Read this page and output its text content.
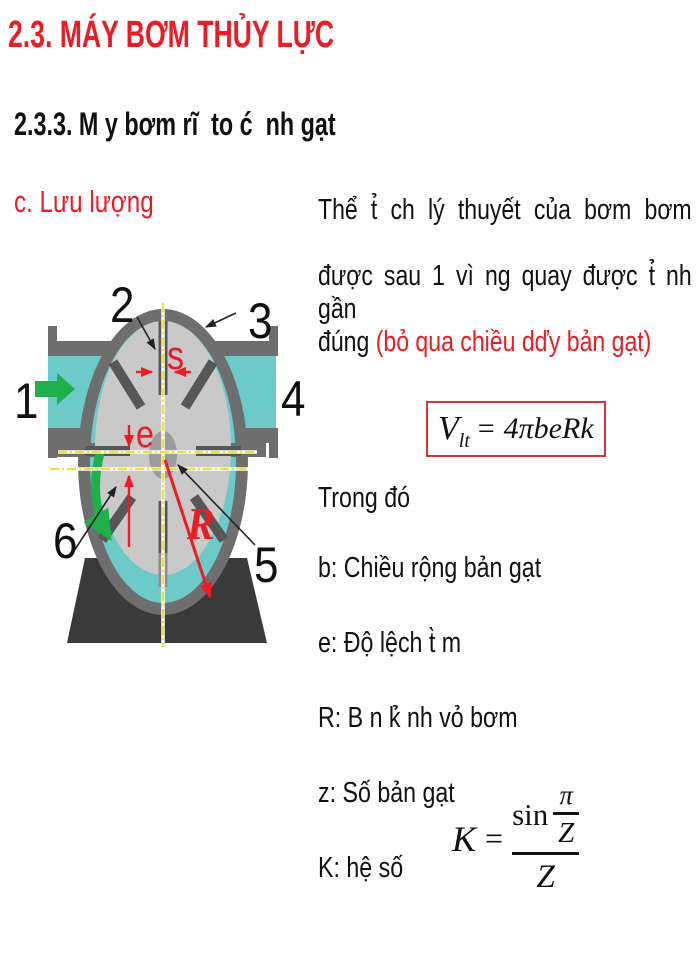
2.3. MÁY BƠM THỦY LỰC
2.3.3. M y bơm rĩ  to ć  nh gạt
c. Lưu lượng	Thể t̉ ch lý thuyết của bơm bơm
được sau 1 vì ng quay được t̉ nh gần
đúng (bỏ qua chiều dďy bản gạt)
V lt = 4πbeRk
Trong đó
b: Chiều rộng bản gạt
e: Độ lệch t̀ m
R: B n k̉ nh vỏ bơm
z: Số bản gạt
K: hệ số
K = sin
π
Z
Z
s
e
R
1
2 3
4
5
6
